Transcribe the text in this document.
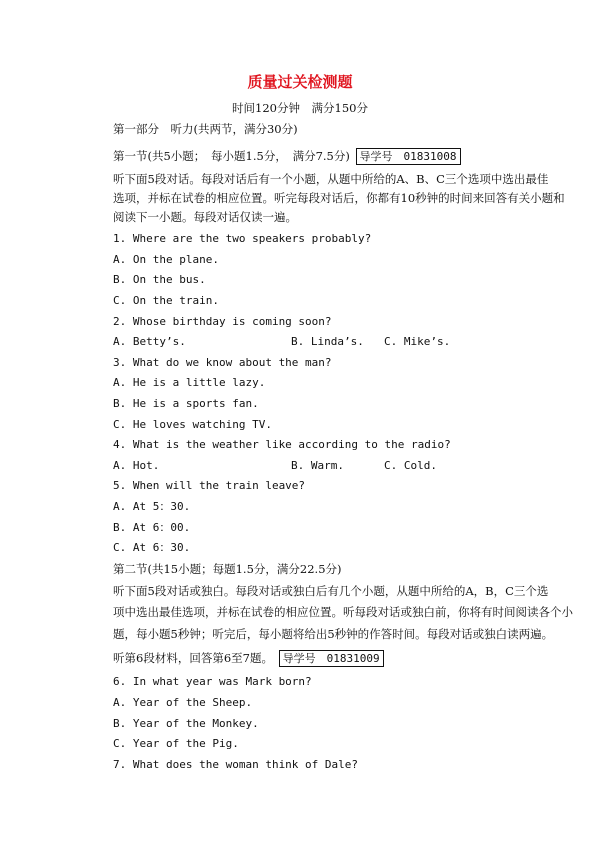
质量过关检测题
时间120分钟　满分150分
第一部分　听力(共两节，满分30分)
第一节(共5小题；　每小题1.5分，　满分7.5分) 导学号　01831008
听下面5段对话。每段对话后有一个小题，从题中所给的A、B、C三个选项中选出最佳
选项，并标在试卷的相应位置。听完每段对话后，你都有10秒钟的时间来回答有关小题和
阅读下一小题。每段对话仅读一遍。
1. Where are the two speakers probably?
A. On the plane.
B. On the bus.
C. On the train.
2. Whose birthday is coming soon?
A. Betty’s.	B. Linda’s. C. Mike’s.
3. What do we know about the man?
A. He is a little lazy.
B. He is a sports fan.
C. He loves watching TV.
4. What is the weather like according to the radio?
A. Hot.	B. Warm.	C. Cold.
5. When will the train leave?
A. At 5：30.
B. At 6：00.
C. At 6：30.
第二节(共15小题；每题1.5分，满分22.5分)
听下面5段对话或独白。每段对话或独白后有几个小题，从题中所给的A，B，C三个选
项中选出最佳选项，并标在试卷的相应位置。听每段对话或独白前，你将有时间阅读各个小
题，每小题5秒钟；听完后，每小题将给出5秒钟的作答时间。每段对话或独白读两遍。
听第6段材料，回答第6至7题。 导学号　01831009
6. In what year was Mark born?
A. Year of the Sheep.
B. Year of the Monkey.
C. Year of the Pig.
7. What does the woman think of Dale?
